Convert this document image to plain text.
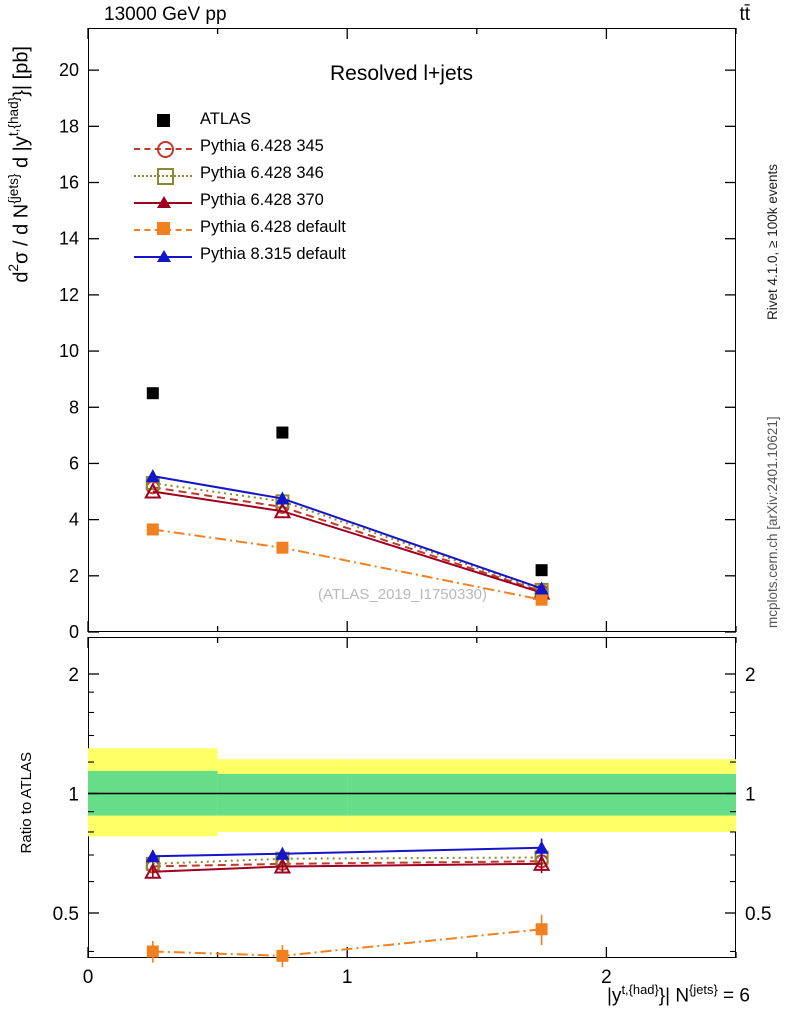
13000 GeV pp	tt̄
Rivet 4.1.0, ≥ 100k events
mcplots.cern.ch [arXiv:2401.10621]
Resolved l+jets
$d^2\sigma$ / d $N^{\{jets\}}$ d $|y^{t,\{had\}}\}|$ [pb]
(ATLAS_2019_I1750330)
Ratio to ATLAS
$|y^{t,\{had\}}\}|$ $N^{\{jets\}} = 6$
ATLAS
Pythia 6.428 345
Pythia 6.428 346
Pythia 6.428 370
Pythia 6.428 default
Pythia 8.315 default
0
2
4
6
8
10
12
14
16
18
20
0.5	0.5
1	1
2	2
0	1	2
